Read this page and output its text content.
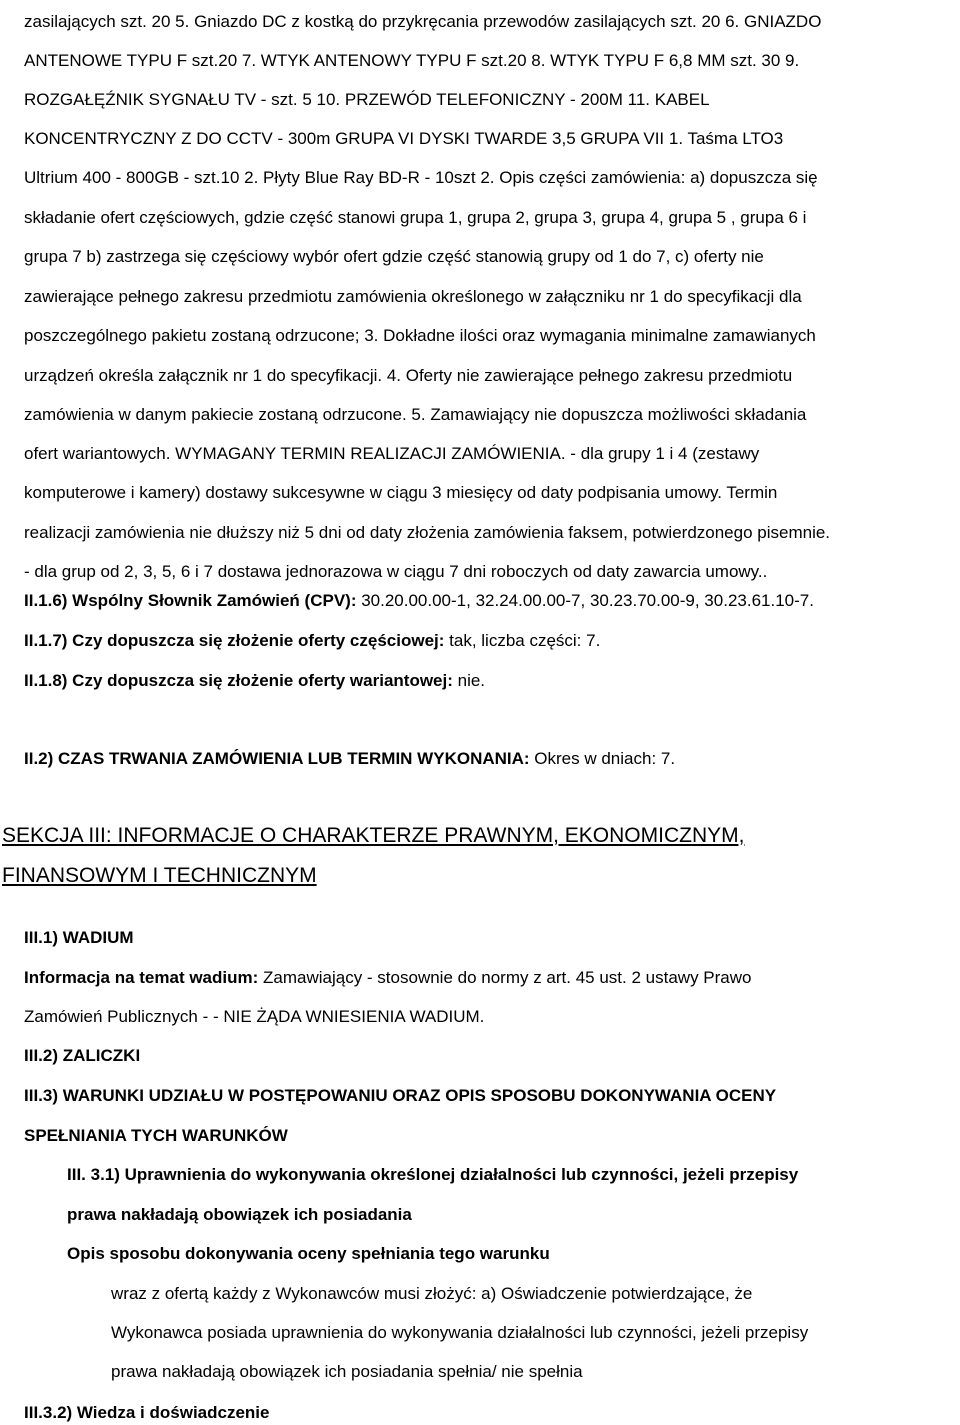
zasilających szt. 20 5. Gniazdo DC z kostką do przykręcania przewodów zasilających szt. 20 6. GNIAZDO

ANTENOWE TYPU F szt.20 7. WTYK ANTENOWY TYPU F szt.20 8. WTYK TYPU F 6,8 MM szt. 30 9.

ROZGAŁĘŹNIK SYGNAŁU TV - szt. 5 10. PRZEWÓD TELEFONICZNY - 200M 11. KABEL

KONCENTRYCZNY Z DO CCTV - 300m GRUPA VI DYSKI TWARDE 3,5 GRUPA VII 1. Taśma LTO3

Ultrium 400 - 800GB - szt.10 2. Płyty Blue Ray BD-R - 10szt 2. Opis części zamówienia: a) dopuszcza się

składanie ofert częściowych, gdzie część stanowi grupa 1, grupa 2, grupa 3, grupa 4, grupa 5 , grupa 6 i

grupa 7 b) zastrzega się częściowy wybór ofert gdzie część stanowią grupy od 1 do 7, c) oferty nie

zawierające pełnego zakresu przedmiotu zamówienia określonego w załączniku nr 1 do specyfikacji dla

poszczególnego pakietu zostaną odrzucone; 3. Dokładne ilości oraz wymagania minimalne zamawianych

urządzeń określa załącznik nr 1 do specyfikacji. 4. Oferty nie zawierające pełnego zakresu przedmiotu

zamówienia w danym pakiecie zostaną odrzucone. 5. Zamawiający nie dopuszcza możliwości składania

ofert wariantowych. WYMAGANY TERMIN REALIZACJI ZAMÓWIENIA. - dla grupy 1 i 4 (zestawy

komputerowe i kamery) dostawy sukcesywne w ciągu 3 miesięcy od daty podpisania umowy. Termin

realizacji zamówienia nie dłuższy niż 5 dni od daty złożenia zamówienia faksem, potwierdzonego pisemnie.

- dla grup od 2, 3, 5, 6 i 7 dostawa jednorazowa w ciągu 7 dni roboczych od daty zawarcia umowy..

II.1.6) Wspólny Słownik Zamówień (CPV): 30.20.00.00-1, 32.24.00.00-7, 30.23.70.00-9, 30.23.61.10-7.

II.1.7) Czy dopuszcza się złożenie oferty częściowej: tak, liczba części: 7.

II.1.8) Czy dopuszcza się złożenie oferty wariantowej: nie.

II.2) CZAS TRWANIA ZAMÓWIENIA LUB TERMIN WYKONANIA: Okres w dniach: 7.

SEKCJA III: INFORMACJE O CHARAKTERZE PRAWNYM, EKONOMICZNYM,

FINANSOWYM I TECHNICZNYM

III.1) WADIUM

Informacja na temat wadium: Zamawiający - stosownie do normy z art. 45 ust. 2 ustawy Prawo

Zamówień Publicznych - - NIE ŻĄDA WNIESIENIA WADIUM.

III.2) ZALICZKI

III.3) WARUNKI UDZIAŁU W POSTĘPOWANIU ORAZ OPIS SPOSOBU DOKONYWANIA OCENY

SPEŁNIANIA TYCH WARUNKÓW

III. 3.1) Uprawnienia do wykonywania określonej działalności lub czynności, jeżeli przepisy

prawa nakładają obowiązek ich posiadania

Opis sposobu dokonywania oceny spełniania tego warunku

wraz z ofertą każdy z Wykonawców musi złożyć: a) Oświadczenie potwierdzające, że

Wykonawca posiada uprawnienia do wykonywania działalności lub czynności, jeżeli przepisy

prawa nakładają obowiązek ich posiadania spełnia/ nie spełnia

III.3.2) Wiedza i doświadczenie
